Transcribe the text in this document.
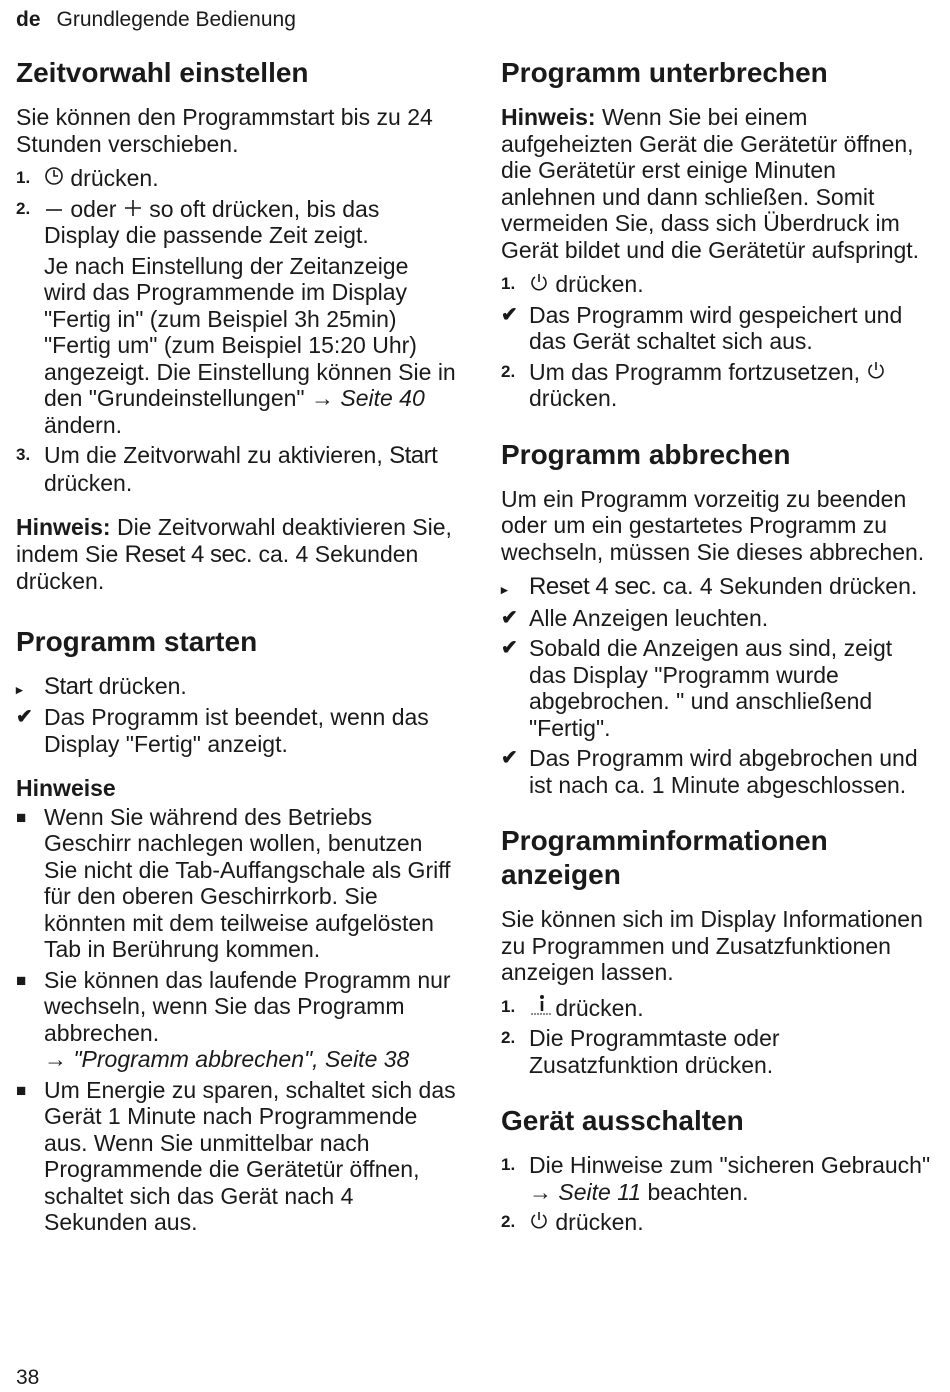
de Grundlegende Bedienung
Zeitvorwahl einstellen

Sie können den Programmstart bis zu 24 Stunden verschieben.

1. drücken.
2. oder so oft drücken, bis das Display die passende Zeit zeigt.
Je nach Einstellung der Zeitanzeige wird das Programmende im Display "Fertig in" (zum Beispiel 3h 25min) "Fertig um" (zum Beispiel 15:20 Uhr) angezeigt. Die Einstellung können Sie in den "Grundeinstellungen" → Seite 40 ändern.
3. Um die Zeitvorwahl zu aktivieren, Start drücken.

Hinweis: Die Zeitvorwahl deaktivieren Sie, indem Sie Reset 4 sec. ca. 4 Sekunden drücken.

Programm starten
▸ Start drücken.
✔ Das Programm ist beendet, wenn das Display "Fertig" anzeigt.

Hinweise

■ Wenn Sie während des Betriebs Geschirr nachlegen wollen, benutzen Sie nicht die Tab-Auffangschale als Griff für den oberen Geschirrkorb. Sie könnten mit dem teilweise aufgelösten Tab in Berührung kommen.
■ Sie können das laufende Programm nur wechseln, wenn Sie das Programm abbrechen.
→ "Programm abbrechen", Seite 38
■ Um Energie zu sparen, schaltet sich das Gerät 1 Minute nach Programmende aus. Wenn Sie unmittelbar nach Programmende die Gerätetür öffnen, schaltet sich das Gerät nach 4 Sekunden aus.
Programm unterbrechen

Hinweis: Wenn Sie bei einem aufgeheizten Gerät die Gerätetür öffnen, die Gerätetür erst einige Minuten anlehnen und dann schließen. Somit vermeiden Sie, dass sich Überdruck im Gerät bildet und die Gerätetür aufspringt.

1. drücken.
✔ Das Programm wird gespeichert und das Gerät schaltet sich aus.
2. Um das Programm fortzusetzen,  drücken.
Programm abbrechen

Um ein Programm vorzeitig zu beenden oder um ein gestartetes Programm zu wechseln, müssen Sie dieses abbrechen.

▸ Reset 4 sec. ca. 4 Sekunden drücken.
✔ Alle Anzeigen leuchten.
✔ Sobald die Anzeigen aus sind, zeigt das Display "Programm wurde abgebrochen. " und anschließend "Fertig".
✔ Das Programm wird abgebrochen und ist nach ca. 1 Minute abgeschlossen.
Programminformationen anzeigen

Sie können sich im Display Informationen zu Programmen und Zusatzfunktionen anzeigen lassen.

1. drücken.
2. Die Programmtaste oder Zusatzfunktion drücken.
Gerät ausschalten
1. Die Hinweise zum "sicheren Gebrauch" → Seite 11 beachten.
2. drücken.
38
